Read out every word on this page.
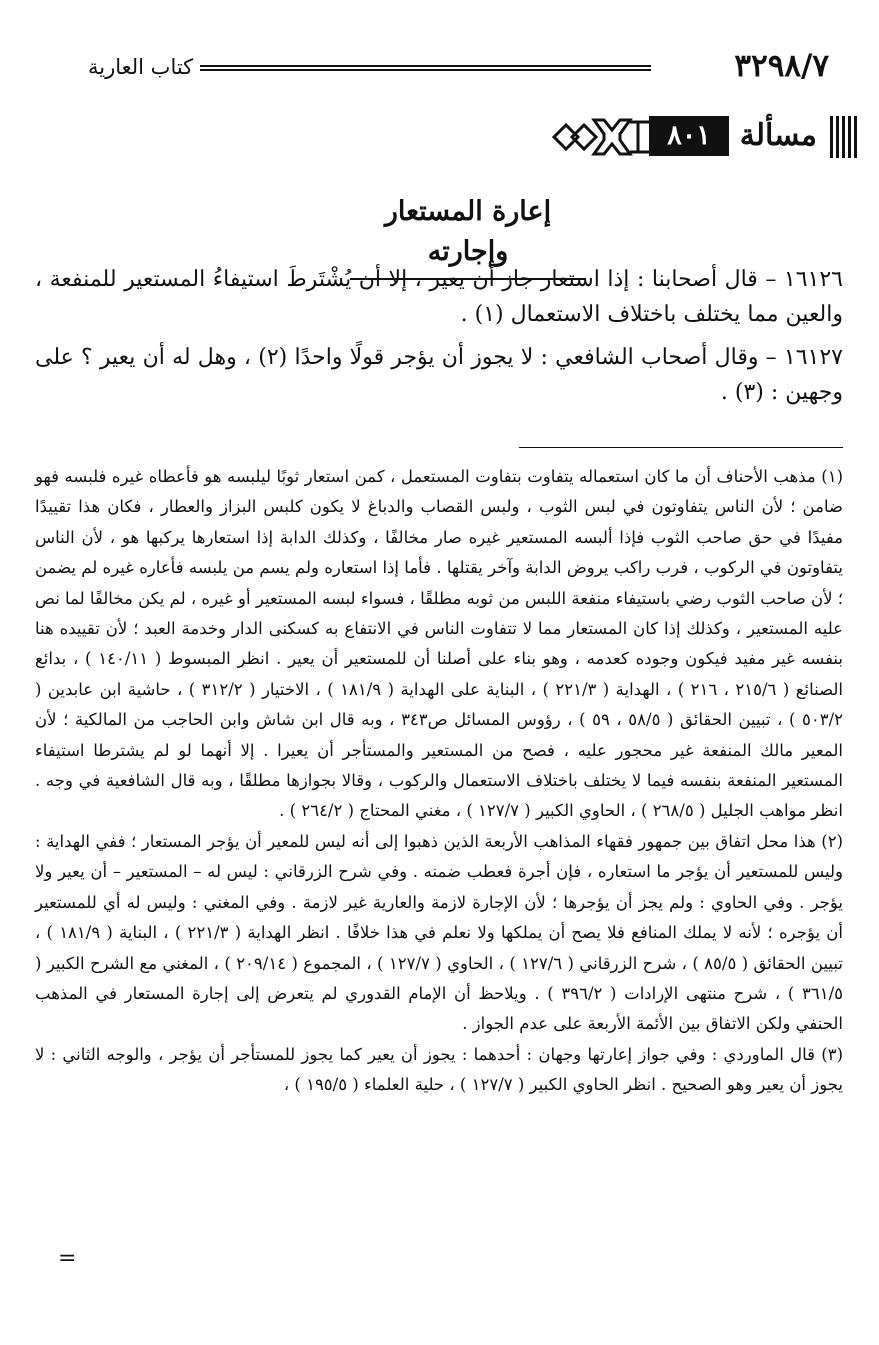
٣٢٩٨/٧
كتاب العارية
مسألة
٨٠١
إعارة المستعار وإجارته

١٦١٢٦ – قال أصحابنا : إذا استعار جاز أن يعير ، إلا أن يُشْتَرطَ استيفاءُ المستعير للمنفعة ، والعين مما يختلف باختلاف الاستعمال (١) .

١٦١٢٧ – وقال أصحاب الشافعي : لا يجوز أن يؤجر قولًا واحدًا (٢) ، وهل له أن يعير ؟ على وجهين : (٣) .

(١) مذهب الأحناف أن ما كان استعماله يتفاوت بتفاوت المستعمل ، كمن استعار ثوبًا ليلبسه هو فأعطاه غيره فلبسه فهو ضامن ؛ لأن الناس يتفاوتون في لبس الثوب ، ولبس القصاب والدباغ لا يكون كلبس البزاز والعطار ، فكان هذا تقييدًا مفيدًا في حق صاحب الثوب فإذا ألبسه المستعير غيره صار مخالفًا ، وكذلك الدابة إذا استعارها يركبها هو ، لأن الناس يتفاوتون في الركوب ، فرب راكب يروض الدابة وآخر يقتلها . فأما إذا استعاره ولم يسم من يلبسه فأعاره غيره لم يضمن ؛ لأن صاحب الثوب رضي باستيفاء منفعة اللبس من ثوبه مطلقًا ، فسواء لبسه المستعير أو غيره ، لم يكن مخالفًا لما نص عليه المستعير ، وكذلك إذا كان المستعار مما لا تتفاوت الناس في الانتفاع به كسكنى الدار وخدمة العبد ؛ لأن تقييده هنا بنفسه غير مفيد فيكون وجوده كعدمه ، وهو بناء على أصلنا أن للمستعير أن يعير . انظر المبسوط ( ١٤٠/١١ ) ، بدائع الصنائع ( ٢١٥/٦ ، ٢١٦ ) ، الهداية ( ٢٢١/٣ ) ، البناية على الهداية ( ١٨١/٩ ) ، الاختيار ( ٣١٢/٢ ) ، حاشية ابن عابدين ( ٥٠٣/٢ ) ، تبيين الحقائق ( ٥٨/٥ ، ٥٩ ) ، رؤوس المسائل ص٣٤٣ ، وبه قال ابن شاش وابن الحاجب من المالكية ؛ لأن المعير مالك المنفعة غير محجور عليه ، فصح من المستعير والمستأجر أن يعيرا . إلا أنهما لو لم يشترطا استيفاء المستعير المنفعة بنفسه فيما لا يختلف باختلاف الاستعمال والركوب ، وقالا بجوازها مطلقًا ، وبه قال الشافعية في وجه . انظر مواهب الجليل ( ٢٦٨/٥ ) ، الحاوي الكبير ( ١٢٧/٧ ) ، مغني المحتاج ( ٢٦٤/٢ ) .

(٢) هذا محل اتفاق بين جمهور فقهاء المذاهب الأربعة الذين ذهبوا إلى أنه ليس للمعير أن يؤجر المستعار ؛ ففي الهداية : وليس للمستعير أن يؤجر ما استعاره ، فإن أجرة فعطب ضمنه . وفي شرح الزرقاني : ليس له – المستعير – أن يعير ولا يؤجر . وفي الحاوي : ولم يجز أن يؤجرها ؛ لأن الإجارة لازمة والعارية غير لازمة . وفي المغني : وليس له أي للمستعير أن يؤجره ؛ لأنه لا يملك المنافع فلا يصح أن يملكها ولا نعلم في هذا خلافًا . انظر الهداية ( ٢٢١/٣ ) ، البناية ( ١٨١/٩ ) ، تبيين الحقائق ( ٨٥/٥ ) ، شرح الزرقاني ( ١٢٧/٦ ) ، الحاوي ( ١٢٧/٧ ) ، المجموع ( ٢٠٩/١٤ ) ، المغني مع الشرح الكبير ( ٣٦١/٥ ) ، شرح منتهى الإرادات ( ٣٩٦/٢ ) . ويلاحظ أن الإمام القدوري لم يتعرض إلى إجارة المستعار في المذهب الحنفي ولكن الاتفاق بين الأئمة الأربعة على عدم الجواز .

(٣) قال الماوردي : وفي جواز إعارتها وجهان : أحدهما : يجوز أن يعير كما يجوز للمستأجر أن يؤجر ، والوجه الثاني : لا يجوز أن يعير وهو الصحيح . انظر الحاوي الكبير ( ١٢٧/٧ ) ، حلية العلماء ( ١٩٥/٥ ) ،

=
